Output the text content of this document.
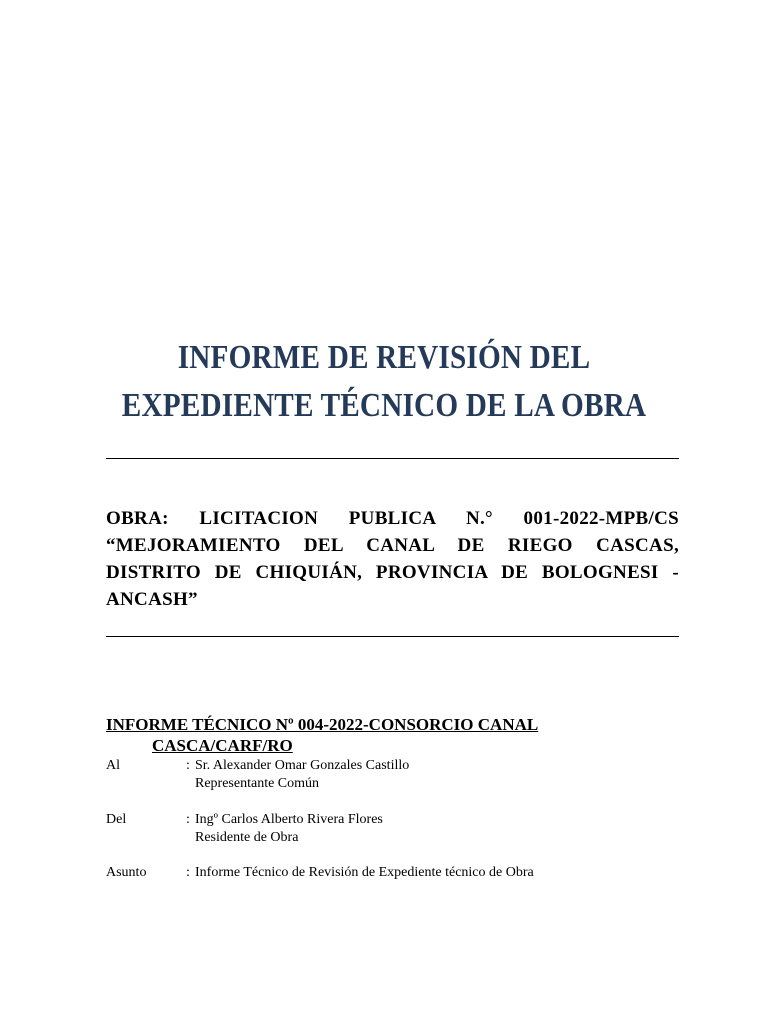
INFORME DE REVISIÓN DEL
EXPEDIENTE TÉCNICO DE LA OBRA
OBRA: LICITACION PUBLICA N.° 001-2022-MPB/CS
“MEJORAMIENTO DEL CANAL DE RIEGO CASCAS,
DISTRITO DE CHIQUIÁN, PROVINCIA DE BOLOGNESI -
ANCASH”
INFORME TÉCNICO Nº 004-2022-CONSORCIO CANAL
CASCA/CARF/RO
Al	: Sr. Alexander Omar Gonzales Castillo
Representante Común
Del	: Ingº Carlos Alberto Rivera Flores
Residente de Obra
Asunto	: Informe Técnico de Revisión de Expediente técnico de Obra
